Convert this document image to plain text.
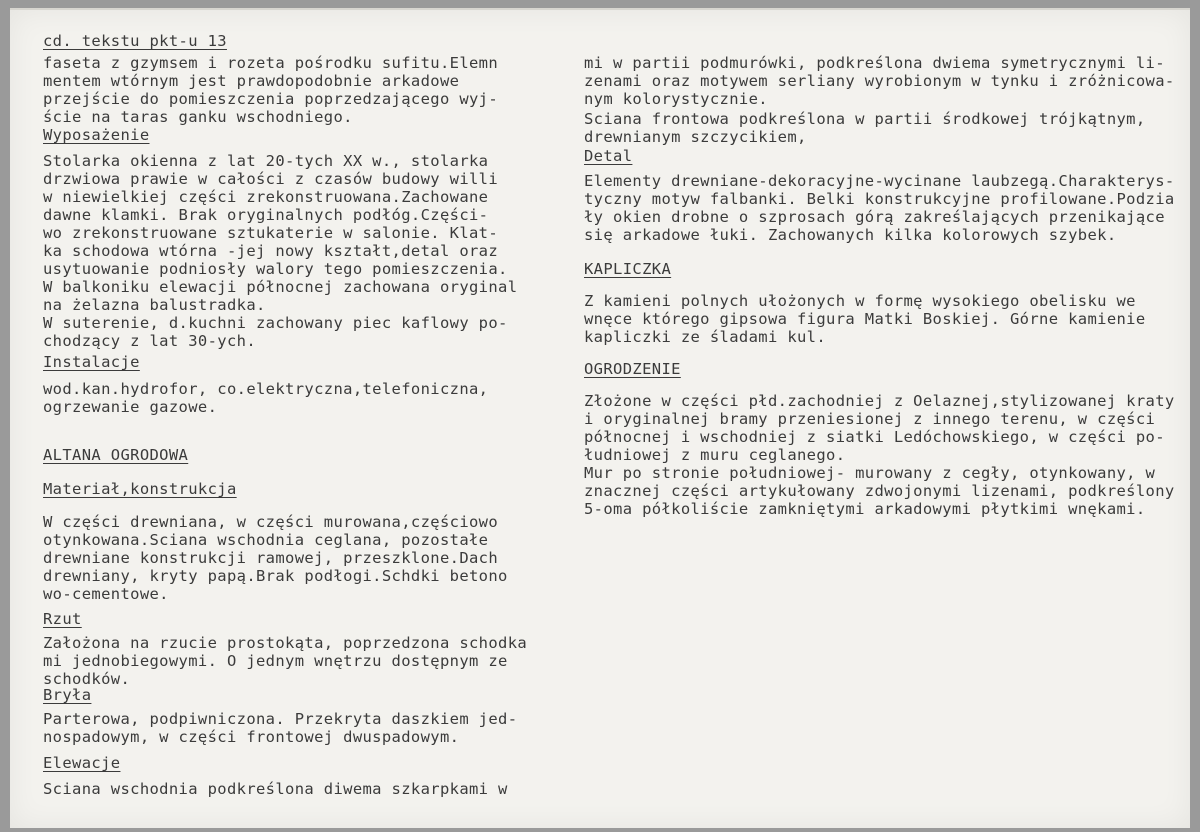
cd. tekstu pkt-u 13
faseta z gzymsem i rozeta pośrodku sufitu.Elemn
mentem wtórnym jest prawdopodobnie arkadowe
przejście do pomieszczenia poprzedzającego wyj-
ście na taras ganku wschodniego.
Wyposażenie
Stolarka okienna z lat 20-tych XX w., stolarka
drzwiowa prawie w całości z czasów budowy willi
w niewielkiej części zrekonstruowana.Zachowane
dawne klamki. Brak oryginalnych podłóg.Części-
wo zrekonstruowane sztukaterie w salonie. Klat-
ka schodowa wtórna -jej nowy kształt,detal oraz
usytuowanie podniosły walory tego pomieszczenia.
W balkoniku elewacji północnej zachowana oryginal
na żelazna balustradka.
W suterenie, d.kuchni zachowany piec kaflowy po-
chodzący z lat 30-ych.
Instalacje
wod.kan.hydrofor, co.elektryczna,telefoniczna,
ogrzewanie gazowe.
ALTANA OGRODOWA
Materiał,konstrukcja
W części drewniana, w części murowana,częściowo
otynkowana.Sciana wschodnia ceglana, pozostałe
drewniane konstrukcji ramowej, przeszklone.Dach
drewniany, kryty papą.Brak podłogi.Schdki betono
wo-cementowe.
Rzut
Założona na rzucie prostokąta, poprzedzona schodka
mi jednobiegowymi. O jednym wnętrzu dostępnym ze
schodków.
Bryła
Parterowa, podpiwniczona. Przekryta daszkiem jed-
nospadowym, w części frontowej dwuspadowym.
Elewacje
Sciana wschodnia podkreślona diwema szkarpkami w
mi w partii podmurówki, podkreślona dwiema symetrycznymi li-
zenami oraz motywem serliany wyrobionym w tynku i zróżnicowa-
nym kolorystycznie.
Sciana frontowa podkreślona w partii środkowej trójkątnym,
drewnianym szczycikiem,
Detal
Elementy drewniane-dekoracyjne-wycinane laubzegą.Charakterys-
tyczny motyw falbanki. Belki konstrukcyjne profilowane.Podzia
ły okien drobne o szprosach górą zakreślających przenikające
się arkadowe łuki. Zachowanych kilka kolorowych szybek.
KAPLICZKA
Z kamieni polnych ułożonych w formę wysokiego obelisku we
wnęce którego gipsowa figura Matki Boskiej. Górne kamienie
kapliczki ze śladami kul.
OGRODZENIE
Złożone w części płd.zachodniej z Oelaznej,stylizowanej kraty
i oryginalnej bramy przeniesionej z innego terenu, w części
północnej i wschodniej z siatki Ledóchowskiego, w części po-
łudniowej z muru ceglanego.
Mur po stronie południowej- murowany z cegły, otynkowany, w
znacznej części artykułowany zdwojonymi lizenami, podkreślony
5-oma półkoliście zamkniętymi arkadowymi płytkimi wnękami.
